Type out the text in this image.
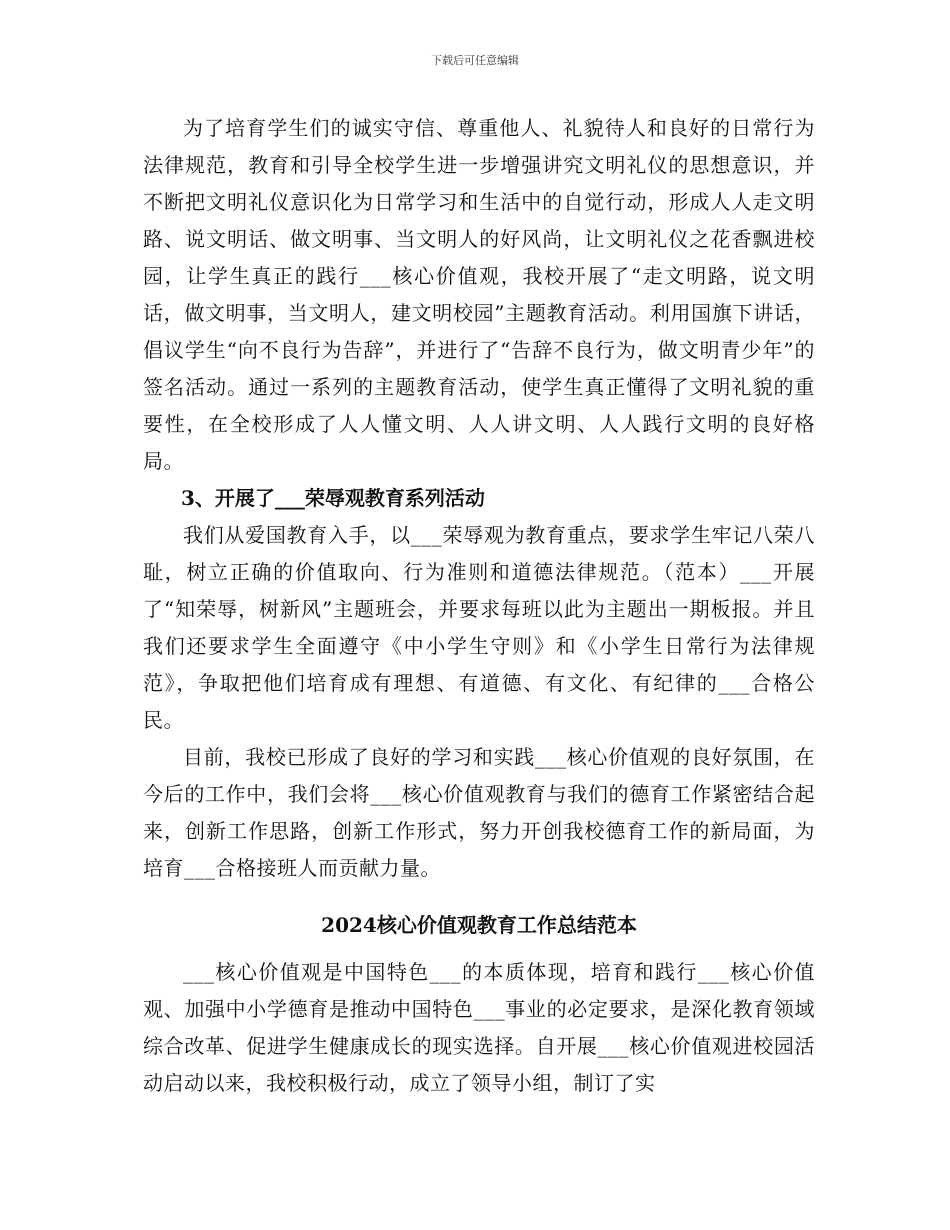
下载后可任意编辑

为了培育学生们的诚实守信、尊重他人、礼貌待人和良好的日常行为法律规范，教育和引导全校学生进一步增强讲究文明礼仪的思想意识，并不断把文明礼仪意识化为日常学习和生活中的自觉行动，形成人人走文明路、说文明话、做文明事、当文明人的好风尚，让文明礼仪之花香飘进校园，让学生真正的践行___核心价值观，我校开展了“走文明路，说文明话，做文明事，当文明人，建文明校园”主题教育活动。利用国旗下讲话，倡议学生“向不良行为告辞”，并进行了“告辞不良行为，做文明青少年”的签名活动。通过一系列的主题教育活动，使学生真正懂得了文明礼貌的重要性，在全校形成了人人懂文明、人人讲文明、人人践行文明的良好格局。

3、开展了___荣辱观教育系列活动

我们从爱国教育入手，以___荣辱观为教育重点，要求学生牢记八荣八耻，树立正确的价值取向、行为准则和道德法律规范。（范本）___开展了“知荣辱，树新风”主题班会，并要求每班以此为主题出一期板报。并且我们还要求学生全面遵守《中小学生守则》和《小学生日常行为法律规范》，争取把他们培育成有理想、有道德、有文化、有纪律的___合格公民。

目前，我校已形成了良好的学习和实践___核心价值观的良好氛围，在今后的工作中，我们会将___核心价值观教育与我们的德育工作紧密结合起来，创新工作思路，创新工作形式，努力开创我校德育工作的新局面，为培育___合格接班人而贡献力量。

2024核心价值观教育工作总结范本

___核心价值观是中国特色___的本质体现，培育和践行___核心价值观、加强中小学德育是推动中国特色___事业的必定要求，是深化教育领域综合改革、促进学生健康成长的现实选择。自开展___核心价值观进校园活动启动以来，我校积极行动，成立了领导小组，制订了实
